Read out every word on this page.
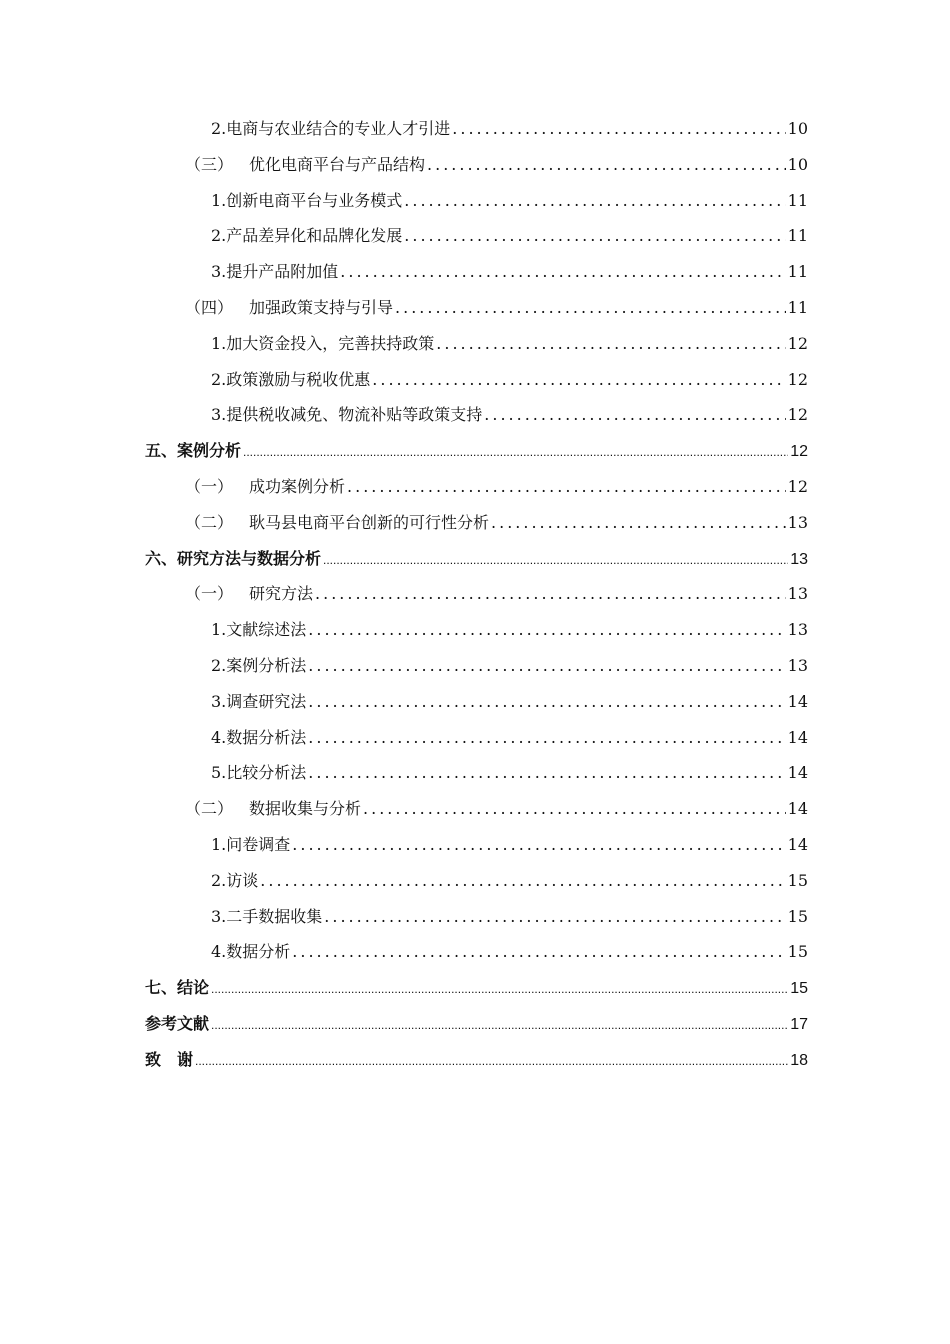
2.电商与农业结合的专业人才引进 .....	10
（三） 优化电商平台与产品结构 .....	10
1.创新电商平台与业务模式 .....	11
2.产品差异化和品牌化发展 .....	11
3.提升产品附加值 .....	11
（四） 加强政策支持与引导 .....	11
1.加大资金投入，完善扶持政策 .....	12
2.政策激励与税收优惠 .....	12
3.提供税收减免、物流补贴等政策支持 .....	12
五、案例分析 .....	12
（一） 成功案例分析 .....	12
（二） 耿马县电商平台创新的可行性分析 .....	13
六、研究方法与数据分析 .....	13
（一） 研究方法 .....	13
1.文献综述法 .....	13
2.案例分析法 .....	13
3.调查研究法 .....	14
4.数据分析法 .....	14
5.比较分析法 .....	14
（二） 数据收集与分析 .....	14
1.问卷调查 .....	14
2.访谈 .....	15
3.二手数据收集 .....	15
4.数据分析 .....	15
七、结论 .....	15
参考文献 .....	17
致　谢 .....	18
